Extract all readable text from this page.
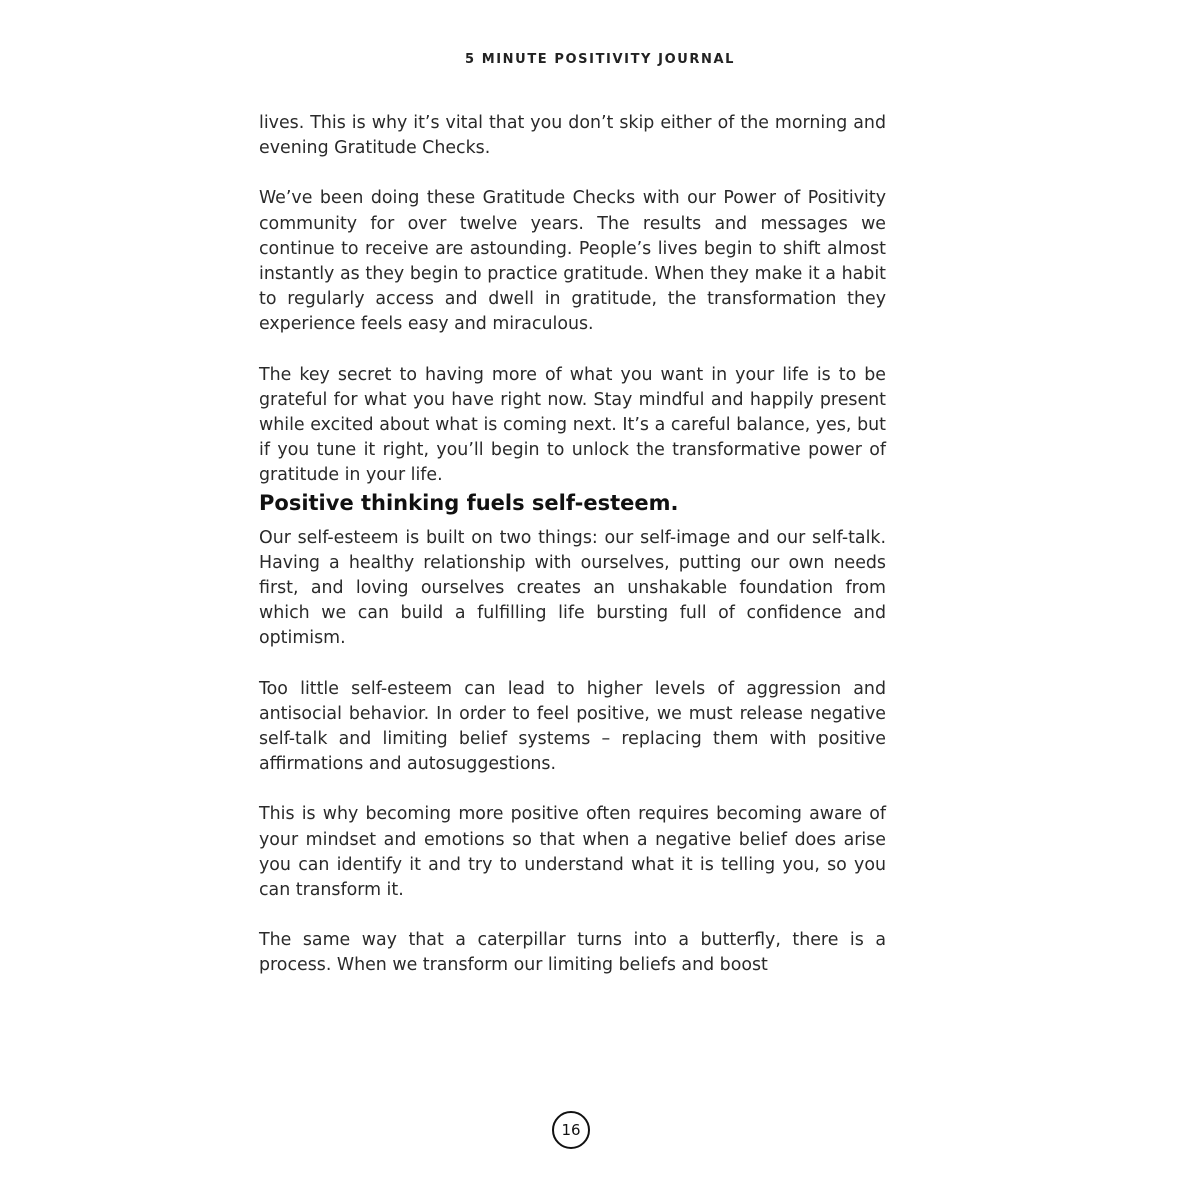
5 MINUTE POSITIVITY JOURNAL

lives. This is why it’s vital that you don’t skip either of the morning and evening Gratitude Checks.

We’ve been doing these Gratitude Checks with our Power of Positivity community for over twelve years. The results and messages we continue to receive are astounding. People’s lives begin to shift almost instantly as they begin to practice gratitude. When they make it a habit to regularly access and dwell in gratitude, the transformation they experience feels easy and miraculous.

The key secret to having more of what you want in your life is to be grateful for what you have right now. Stay mindful and happily present while excited about what is coming next. It’s a careful balance, yes, but if you tune it right, you’ll begin to unlock the transformative power of gratitude in your life.

Positive thinking fuels self-esteem.

Our self-esteem is built on two things: our self-image and our self-talk. Having a healthy relationship with ourselves, putting our own needs first, and loving ourselves creates an unshakable foundation from which we can build a fulfilling life bursting full of confidence and optimism.

Too little self-esteem can lead to higher levels of aggression and antisocial behavior. In order to feel positive, we must release negative self-talk and limiting belief systems – replacing them with positive affirmations and autosuggestions.

This is why becoming more positive often requires becoming aware of your mindset and emotions so that when a negative belief does arise you can identify it and try to understand what it is telling you, so you can transform it.

The same way that a caterpillar turns into a butterfly, there is a process. When we transform our limiting beliefs and boost

16
